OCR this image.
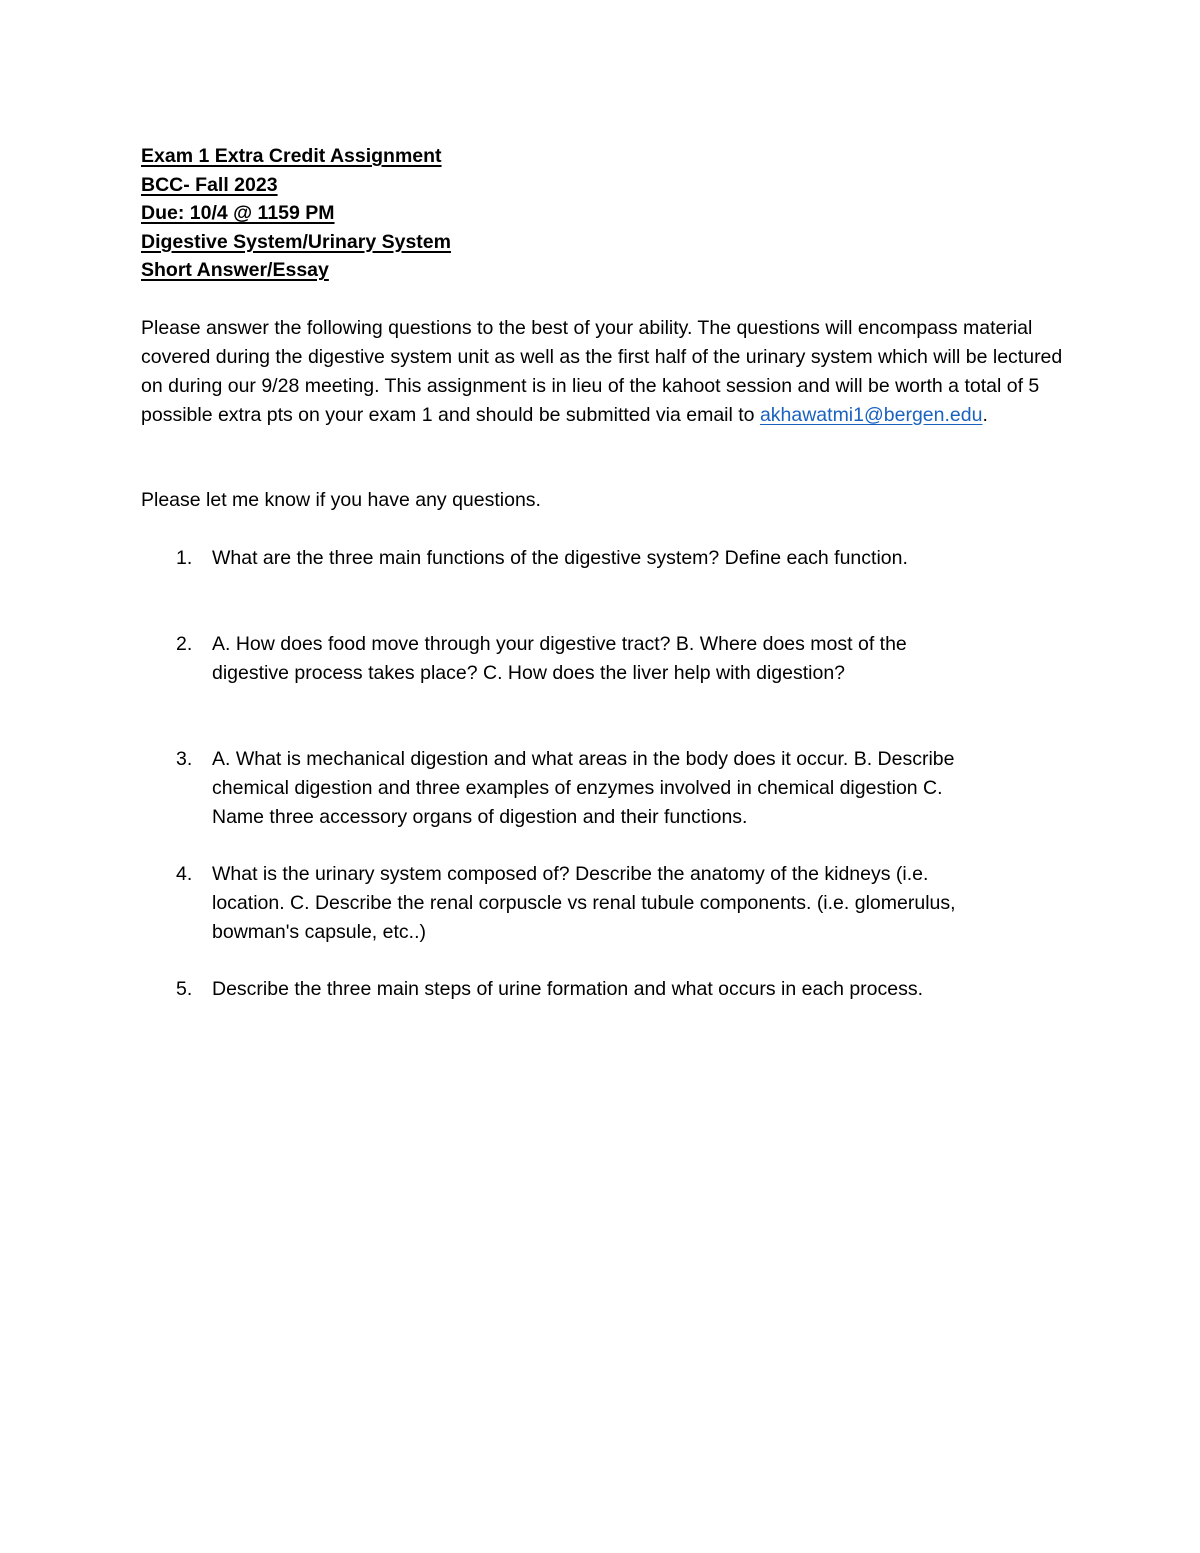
Exam 1 Extra Credit Assignment
BCC- Fall 2023
Due: 10/4 @ 1159 PM
Digestive System/Urinary System
Short Answer/Essay

Please answer the following questions to the best of your ability. The questions will encompass material covered during the digestive system unit as well as the first half of the urinary system which will be lectured on during our 9/28 meeting. This assignment is in lieu of the kahoot session and will be worth a total of 5 possible extra pts on your exam 1 and should be submitted via email to akhawatmi1@bergen.edu.

Please let me know if you have any questions.

1.	What are the three main functions of the digestive system? Define each function.
2.	A. How does food move through your digestive tract? B. Where does most of the
digestive process takes place? C. How does the liver help with digestion?
3.	A. What is mechanical digestion and what areas in the body does it occur. B. Describe
chemical digestion and three examples of enzymes involved in chemical digestion C.
Name three accessory organs of digestion and their functions.
4.	What is the urinary system composed of? Describe the anatomy of the kidneys (i.e.
location. C. Describe the renal corpuscle vs renal tubule components. (i.e. glomerulus,
bowman's capsule, etc..)
5.	Describe the three main steps of urine formation and what occurs in each process.
